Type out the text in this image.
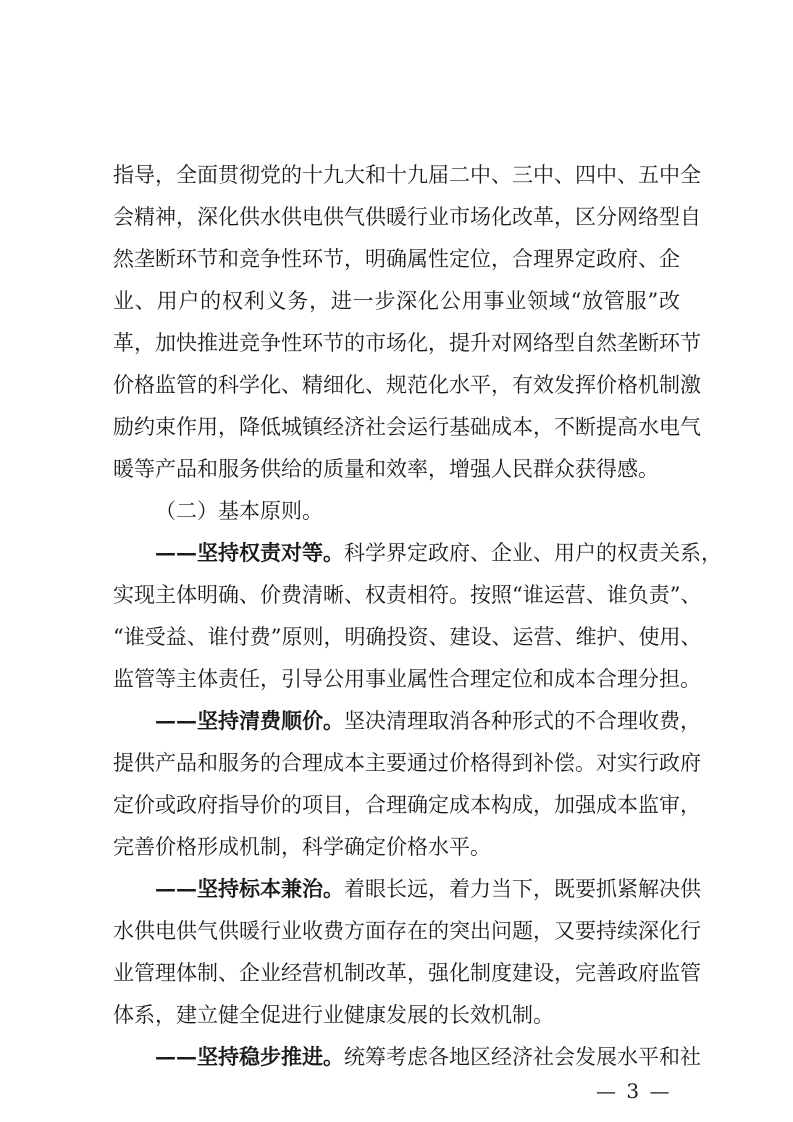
指导，全面贯彻党的十九大和十九届二中、三中、四中、五中全
会精神，深化供水供电供气供暖行业市场化改革，区分网络型自
然垄断环节和竞争性环节，明确属性定位，合理界定政府、企
业、用户的权利义务，进一步深化公用事业领域“放管服”改
革，加快推进竞争性环节的市场化，提升对网络型自然垄断环节
价格监管的科学化、精细化、规范化水平，有效发挥价格机制激
励约束作用，降低城镇经济社会运行基础成本，不断提高水电气
暖等产品和服务供给的质量和效率，增强人民群众获得感。
（二）基本原则。
——坚持权责对等。科学界定政府、企业、用户的权责关系，
实现主体明确、价费清晰、权责相符。按照“谁运营、谁负责”、
“谁受益、谁付费”原则，明确投资、建设、运营、维护、使用、
监管等主体责任，引导公用事业属性合理定位和成本合理分担。
——坚持清费顺价。坚决清理取消各种形式的不合理收费，
提供产品和服务的合理成本主要通过价格得到补偿。对实行政府
定价或政府指导价的项目，合理确定成本构成，加强成本监审，
完善价格形成机制，科学确定价格水平。
——坚持标本兼治。着眼长远，着力当下，既要抓紧解决供
水供电供气供暖行业收费方面存在的突出问题，又要持续深化行
业管理体制、企业经营机制改革，强化制度建设，完善政府监管
体系，建立健全促进行业健康发展的长效机制。
——坚持稳步推进。统筹考虑各地区经济社会发展水平和社
— 3 —
